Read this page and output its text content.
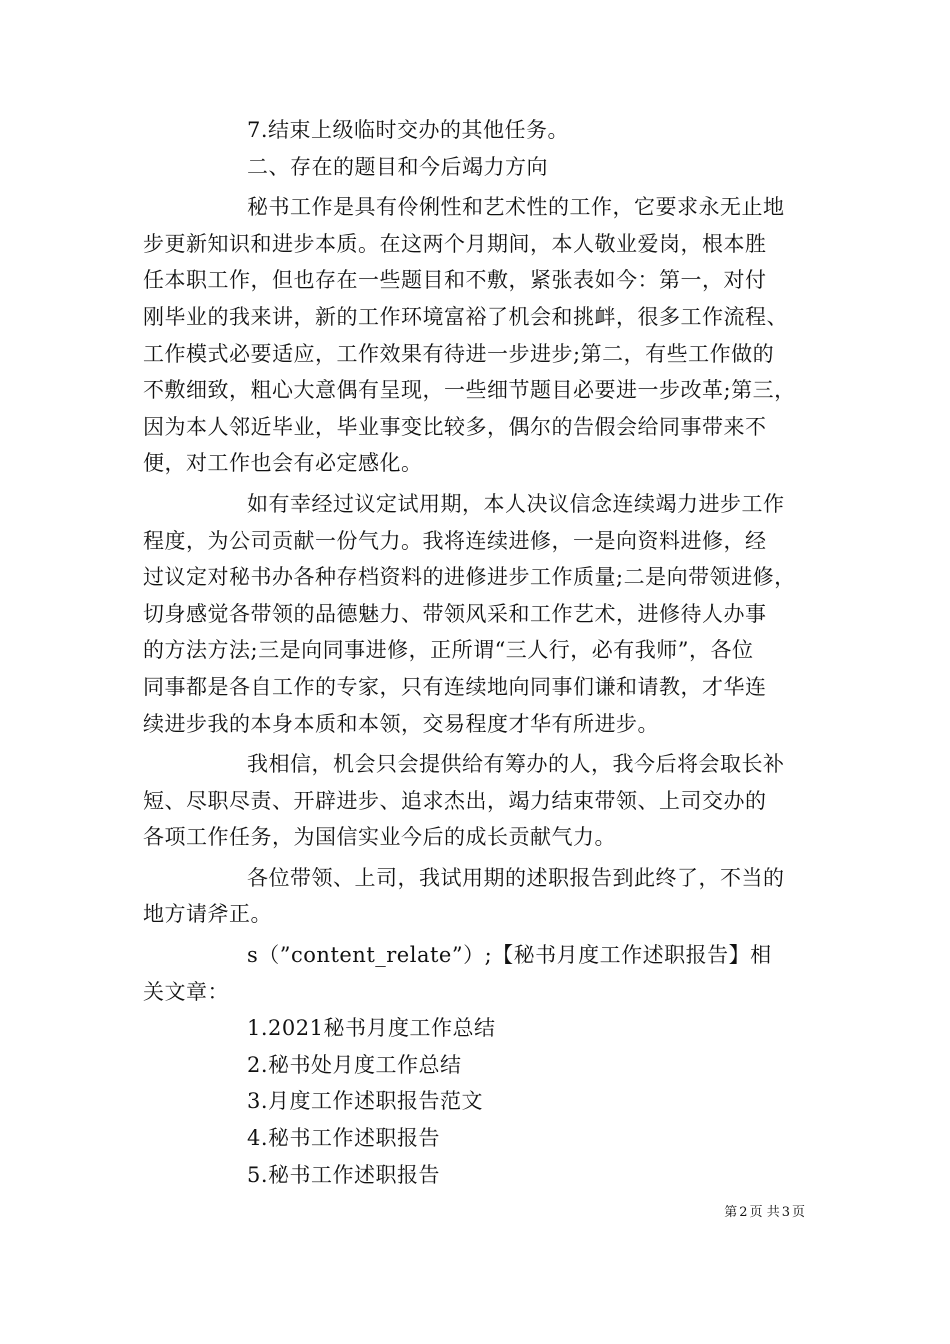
7.结束上级临时交办的其他任务。
二、存在的题目和今后竭力方向
秘书工作是具有伶俐性和艺术性的工作，它要求永无止地
步更新知识和进步本质。在这两个月期间，本人敬业爱岗，根本胜
任本职工作，但也存在一些题目和不敷，紧张表如今：第一，对付
刚毕业的我来讲，新的工作环境富裕了机会和挑衅，很多工作流程、
工作模式必要适应，工作效果有待进一步进步;第二，有些工作做的
不敷细致，粗心大意偶有呈现，一些细节题目必要进一步改革;第三，
因为本人邻近毕业，毕业事变比较多，偶尔的告假会给同事带来不
便，对工作也会有必定感化。
如有幸经过议定试用期，本人决议信念连续竭力进步工作
程度，为公司贡献一份气力。我将连续进修，一是向资料进修，经
过议定对秘书办各种存档资料的进修进步工作质量;二是向带领进修，
切身感觉各带领的品德魅力、带领风采和工作艺术，进修待人办事
的方法方法;三是向同事进修，正所谓“三人行，必有我师”，各位
同事都是各自工作的专家，只有连续地向同事们谦和请教，才华连
续进步我的本身本质和本领，交易程度才华有所进步。
我相信，机会只会提供给有筹办的人，我今后将会取长补
短、尽职尽责、开辟进步、追求杰出，竭力结束带领、上司交办的
各项工作任务，为国信实业今后的成长贡献气力。
各位带领、上司，我试用期的述职报告到此终了，不当的
地方请斧正。
s（”content_relate”）;【秘书月度工作述职报告】相
关文章：
1.2021秘书月度工作总结
2.秘书处月度工作总结
3.月度工作述职报告范文
4.秘书工作述职报告
5.秘书工作述职报告
第 2 页 共 3 页
